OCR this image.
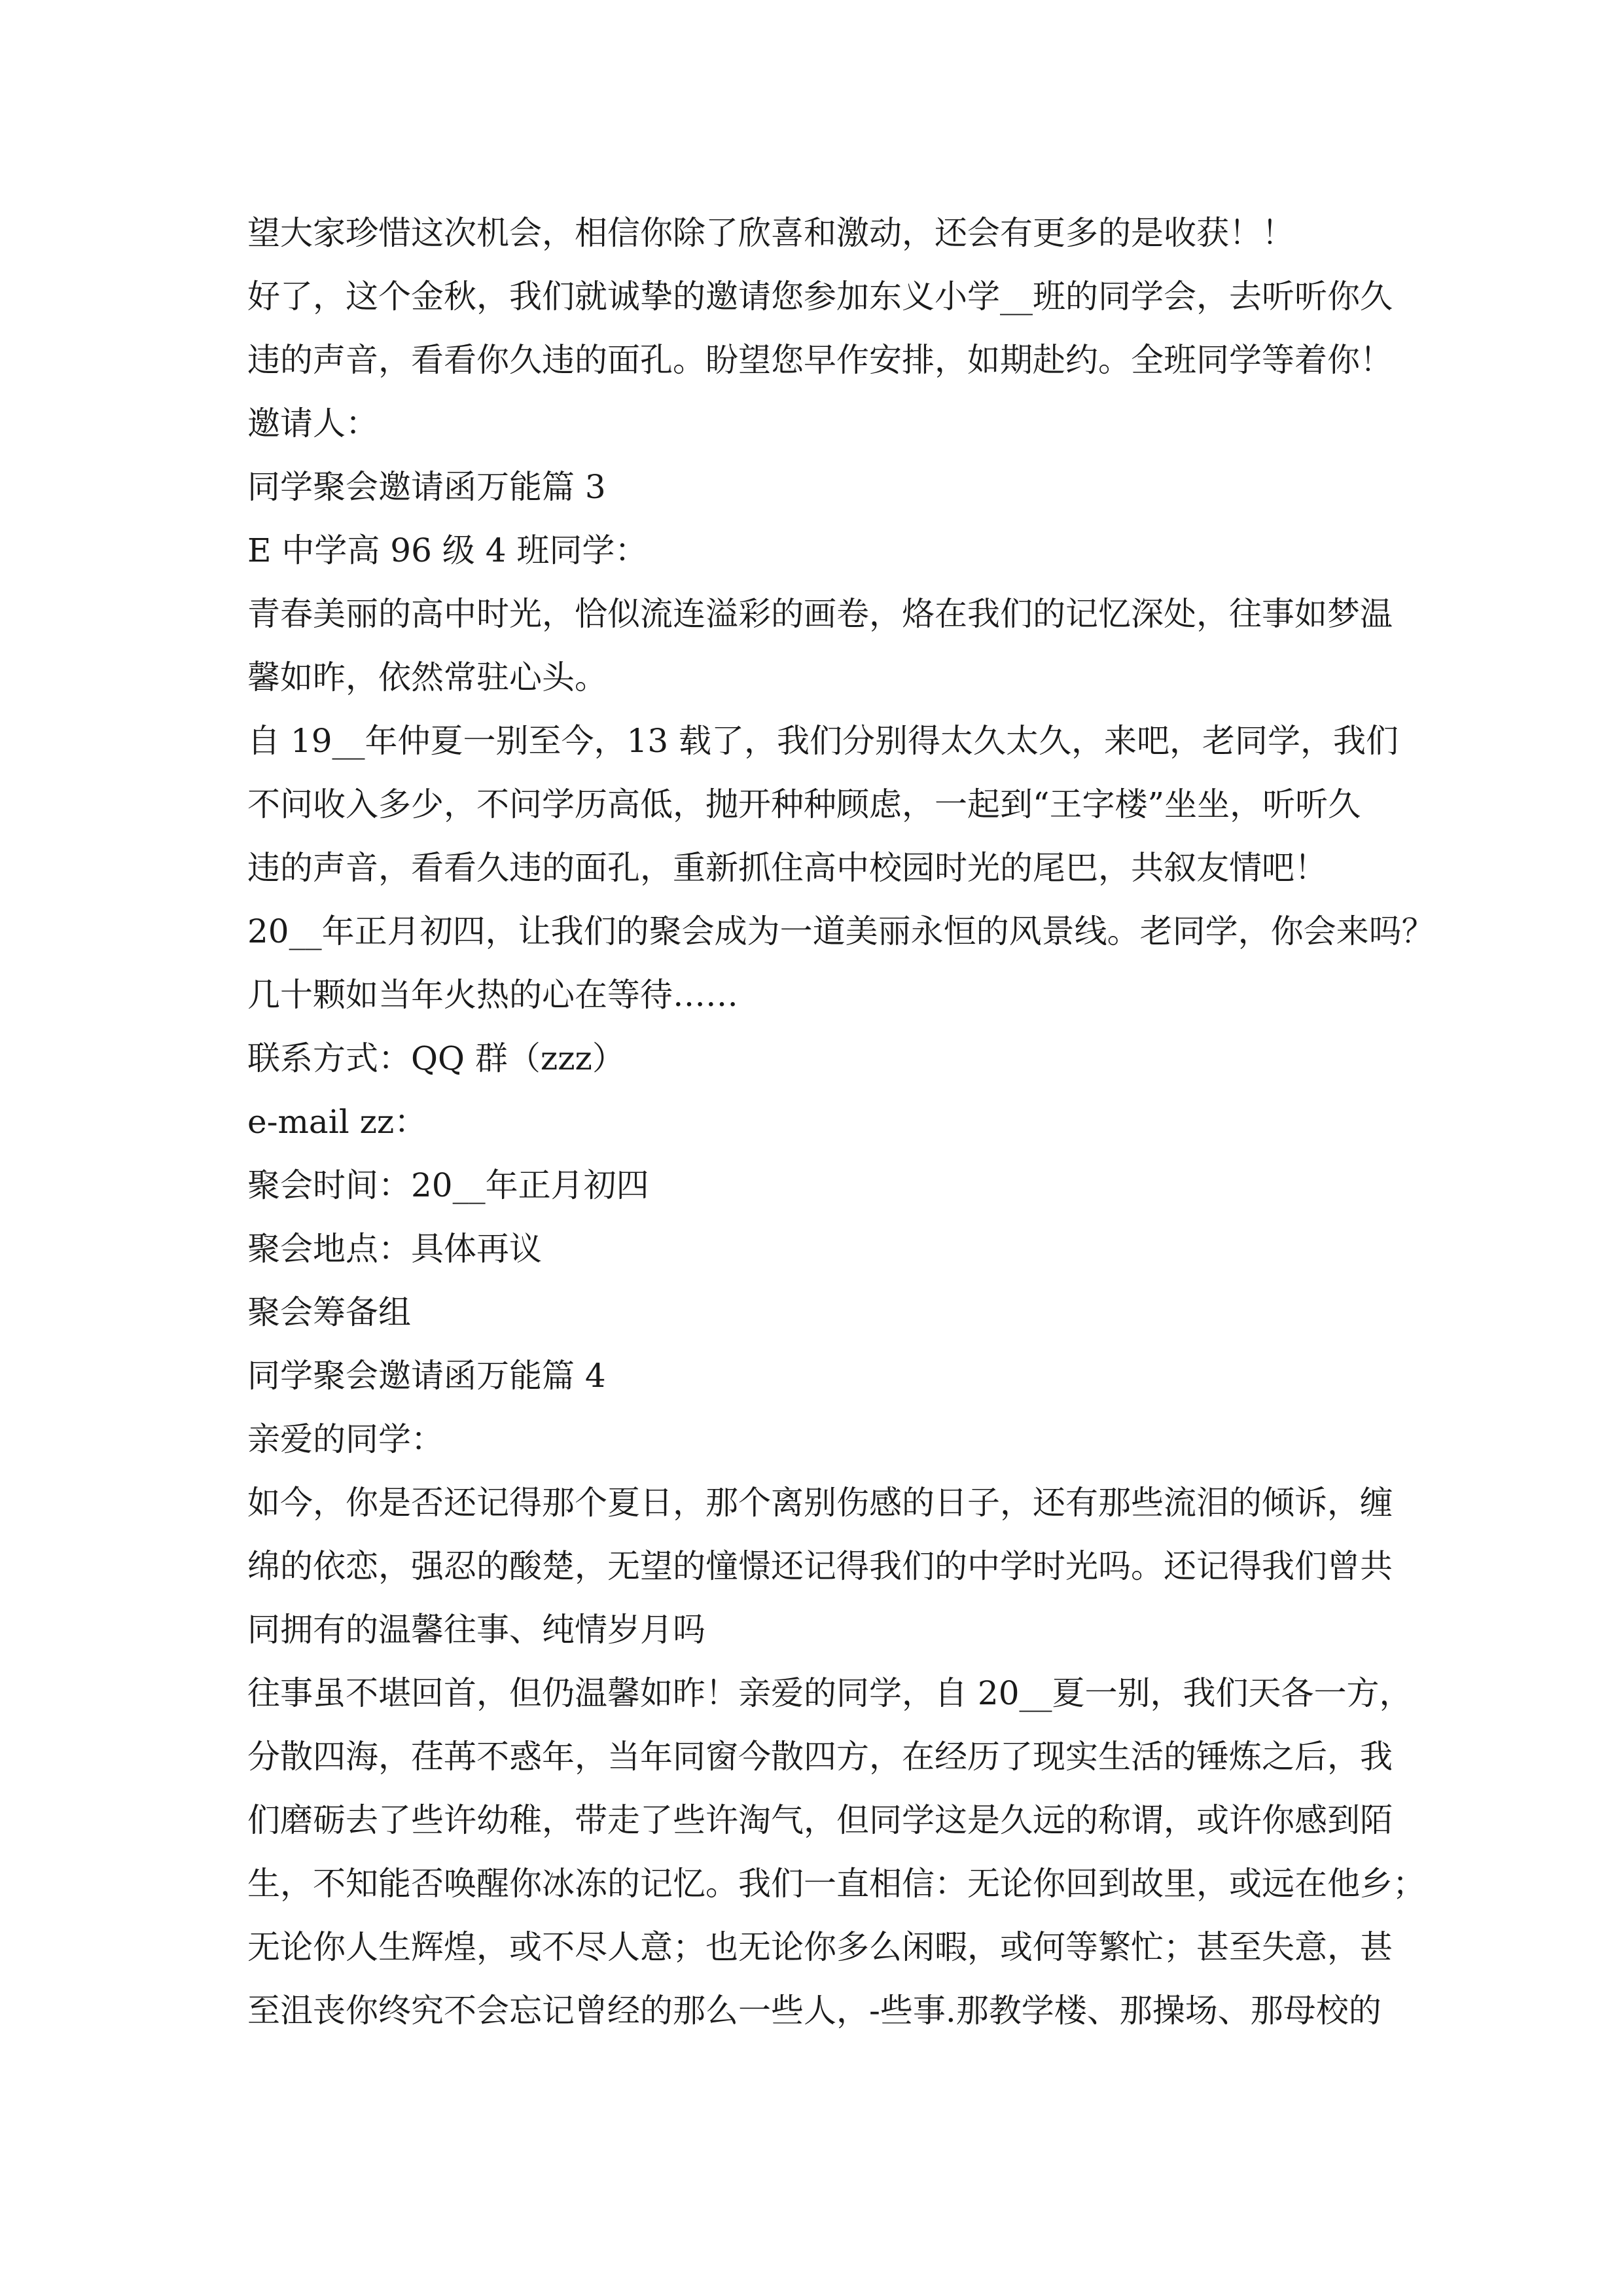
望大家珍惜这次机会，相信你除了欣喜和激动，还会有更多的是收获！！
好了，这个金秋，我们就诚挚的邀请您参加东义小学__班的同学会，去听听你久
违的声音，看看你久违的面孔。盼望您早作安排，如期赴约。全班同学等着你！
邀请人：
同学聚会邀请函万能篇 3
E 中学高 96 级 4 班同学：
青春美丽的高中时光，恰似流连溢彩的画卷，烙在我们的记忆深处，往事如梦温
馨如昨，依然常驻心头。
自 19__年仲夏一别至今，13 载了，我们分别得太久太久，来吧，老同学，我们
不问收入多少，不问学历高低，抛开种种顾虑，一起到“王字楼”坐坐，听听久
违的声音，看看久违的面孔，重新抓住高中校园时光的尾巴，共叙友情吧！
20__年正月初四，让我们的聚会成为一道美丽永恒的风景线。老同学，你会来吗？
几十颗如当年火热的心在等待……
联系方式：QQ 群（zzz）
e-mail zz：
聚会时间：20__年正月初四
聚会地点：具体再议
聚会筹备组
同学聚会邀请函万能篇 4
亲爱的同学：
如今，你是否还记得那个夏日，那个离别伤感的日子，还有那些流泪的倾诉，缠
绵的依恋，强忍的酸楚，无望的憧憬还记得我们的中学时光吗。还记得我们曾共
同拥有的温馨往事、纯情岁月吗
往事虽不堪回首，但仍温馨如昨！亲爱的同学，自 20__夏一别，我们天各一方，
分散四海，荏苒不惑年，当年同窗今散四方，在经历了现实生活的锤炼之后，我
们磨砺去了些许幼稚，带走了些许淘气，但同学这是久远的称谓，或许你感到陌
生，不知能否唤醒你冰冻的记忆。我们一直相信：无论你回到故里，或远在他乡；
无论你人生辉煌，或不尽人意；也无论你多么闲暇，或何等繁忙；甚至失意，甚
至沮丧你终究不会忘记曾经的那么一些人，-些事.那教学楼、那操场、那母校的
